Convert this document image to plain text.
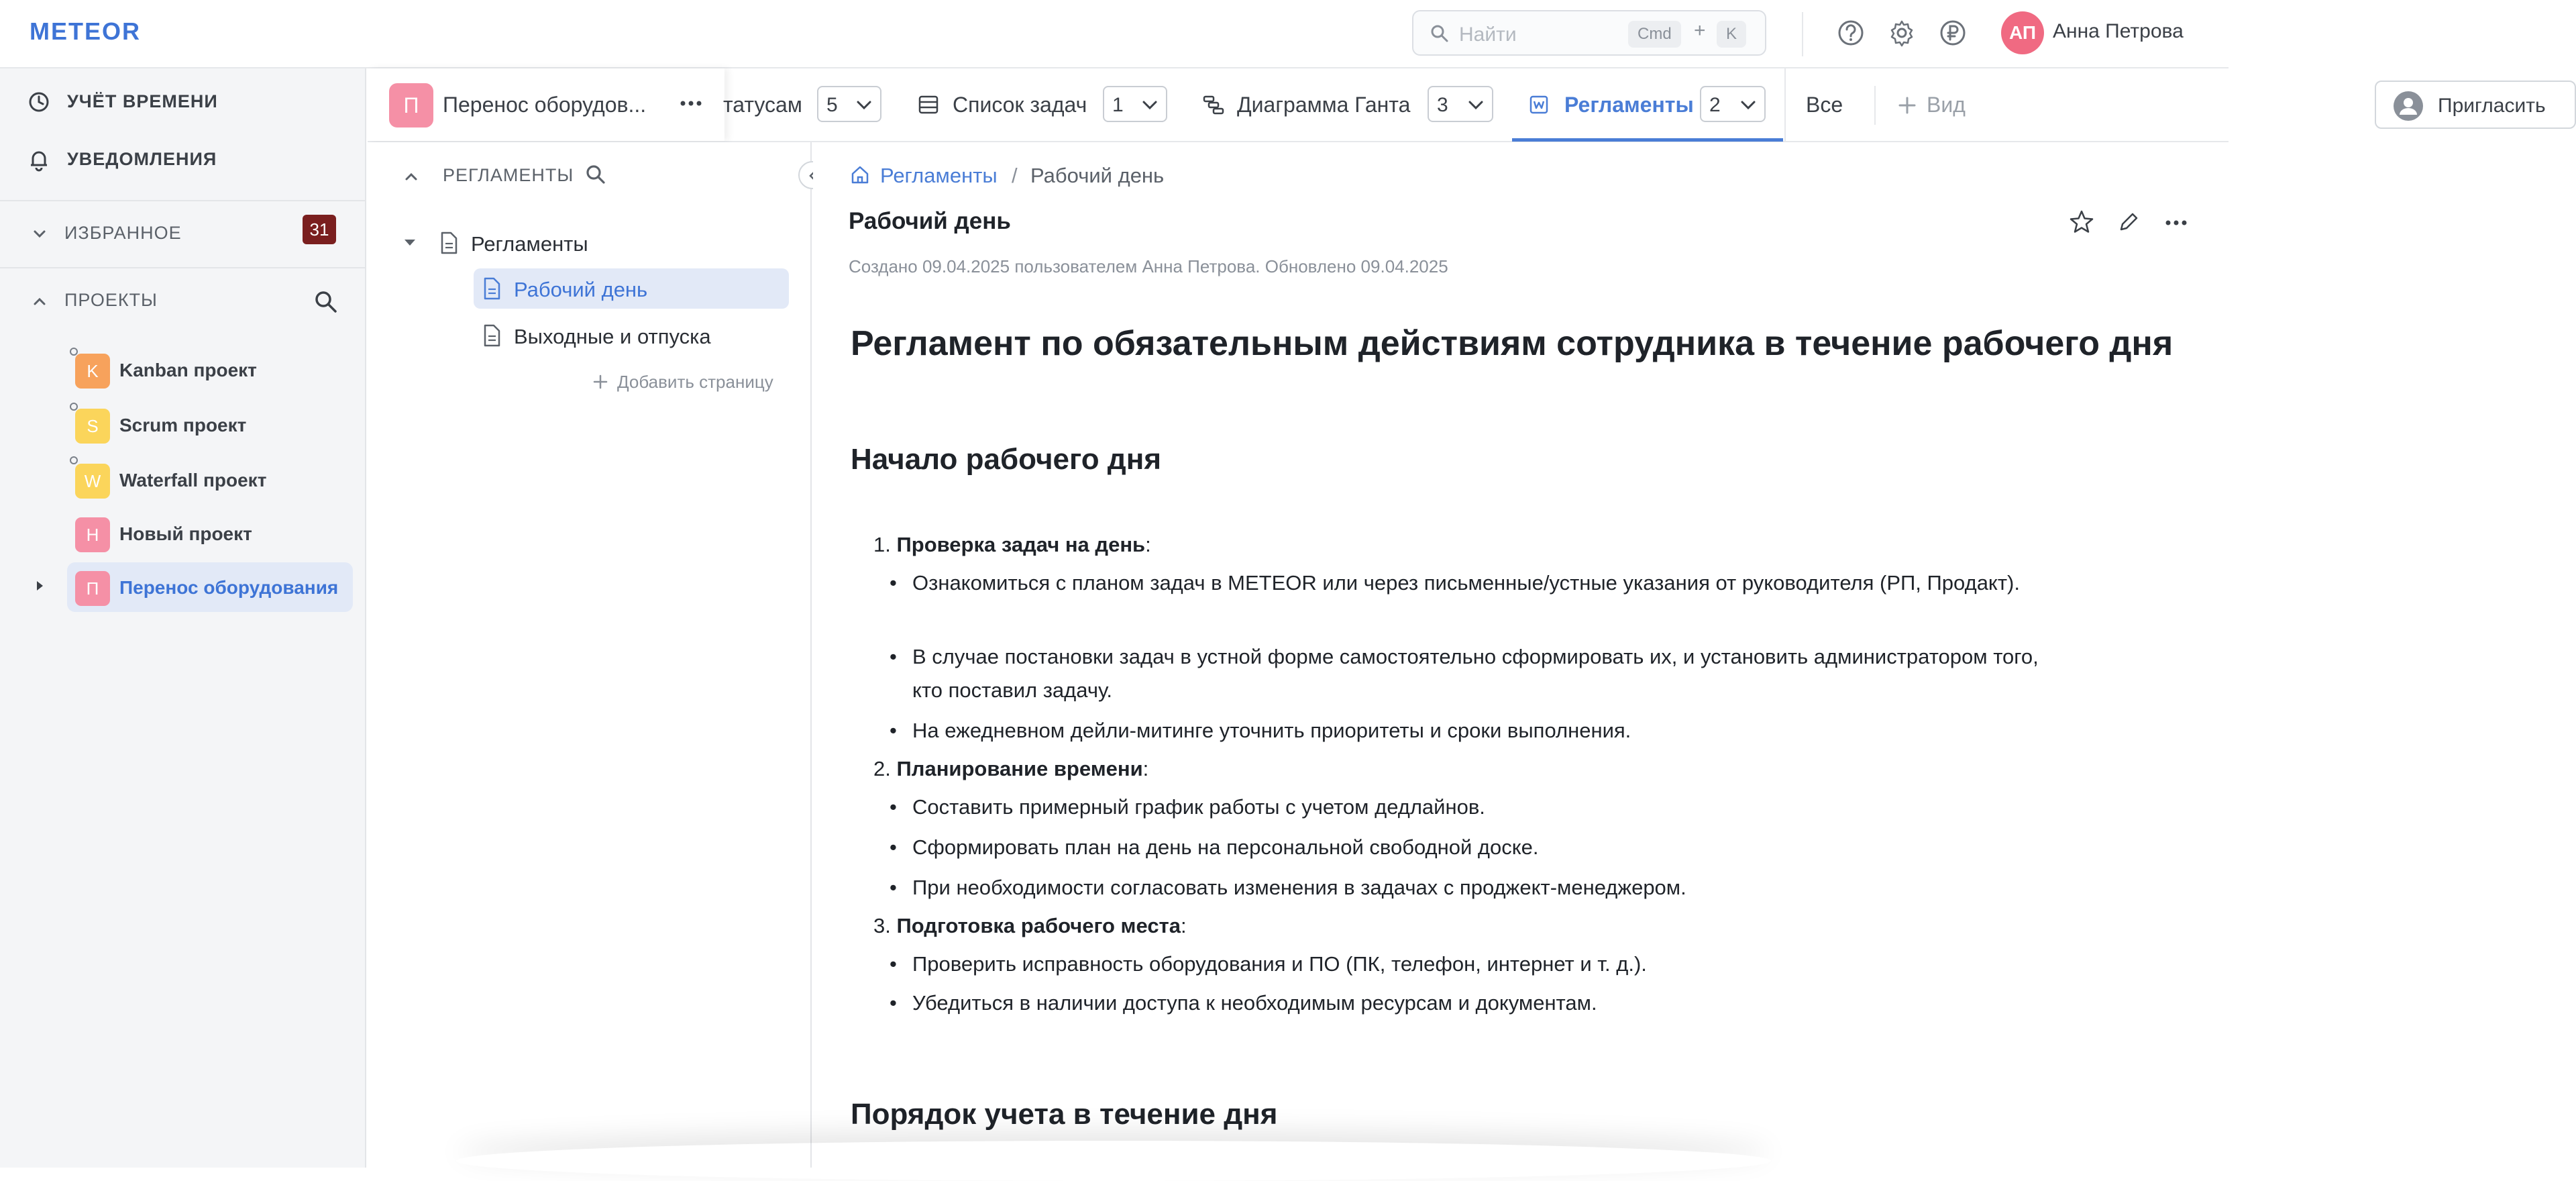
METEOR	Найти	Cmd	+	K	АП Анна Петрова
УЧЁТ ВРЕМЕНИ
УВЕДОМЛЕНИЯ
31
ИЗБРАННОЕ
ПРОЕКТЫ
K	Kanban проект
S	Scrum проект
W Waterfall проект
Н	Новый проект
П	Перенос оборудования
П	Перенос оборудов...	татусам 5	Список задач 1	Диаграмма Ганта 3	Регламенты 2	Все	Вид	Пригласить
РЕГЛАМЕНТЫ
Регламенты
Рабочий день
Выходные и отпуска
Добавить страницу
Регламенты / Рабочий день
Рабочий день
Создано 09.04.2025 пользователем Анна Петрова. Обновлено 09.04.2025
Регламент по обязательным действиям сотрудника в течение рабочего дня
Начало рабочего дня
1. Проверка задач на день:
• Ознакомиться с планом задач в METEOR или через письменные/устные указания от руководителя (РП, Продакт).
• В случае постановки задач в устной форме самостоятельно сформировать их, и установить администратором того, кто поставил задачу.
• На ежедневном дейли-митинге уточнить приоритеты и сроки выполнения.
2. Планирование времени:
• Составить примерный график работы с учетом дедлайнов.
• Сформировать план на день на персональной свободной доске.
• При необходимости согласовать изменения в задачах с проджект-менеджером.
3. Подготовка рабочего места:
• Проверить исправность оборудования и ПО (ПК, телефон, интернет и т. д.).
• Убедиться в наличии доступа к необходимым ресурсам и документам.
Порядок учета в течение дня
